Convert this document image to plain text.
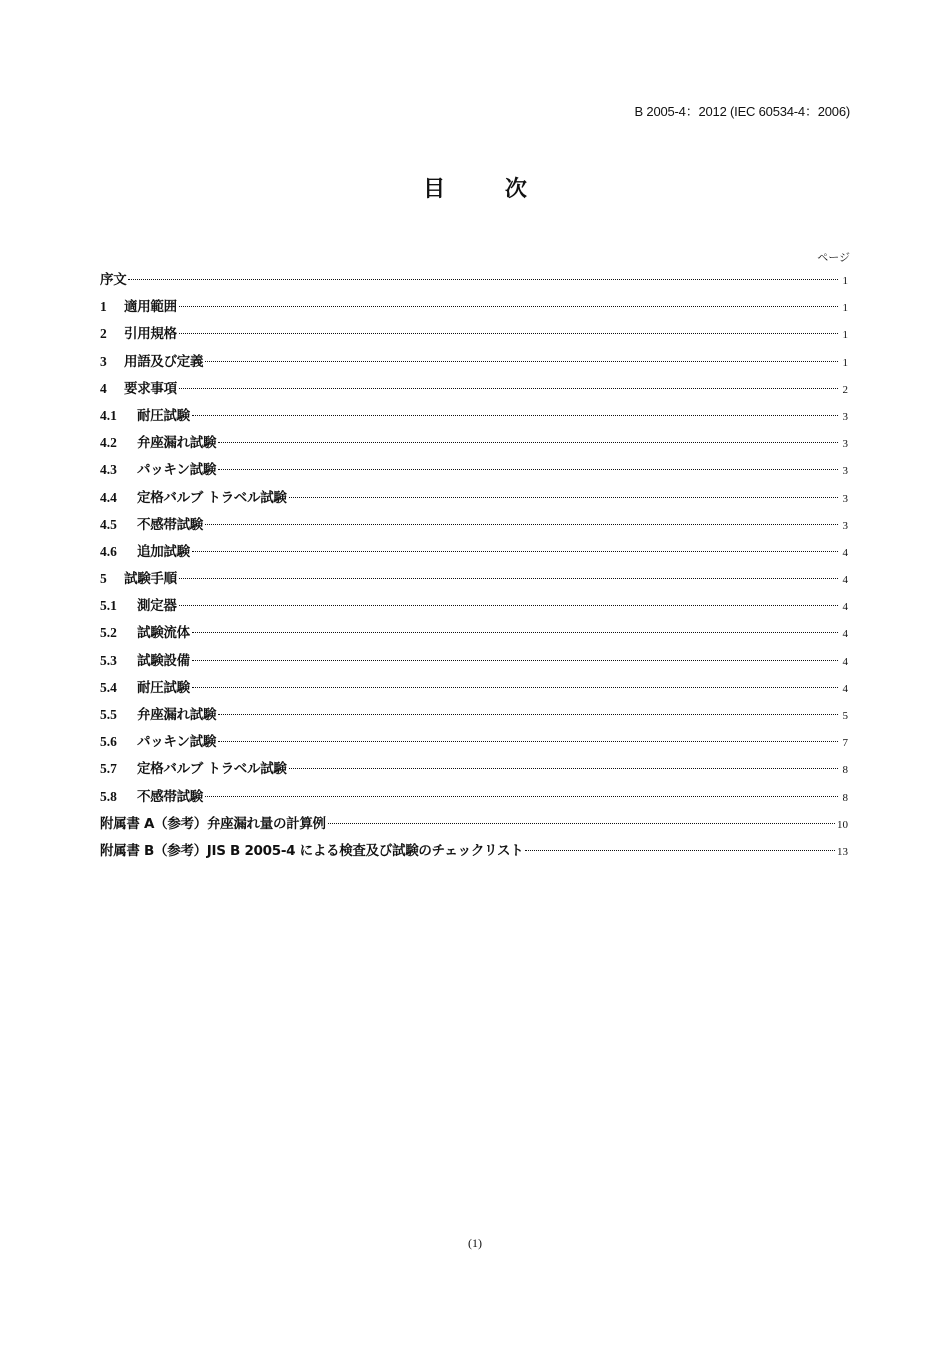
B 2005-4：2012 (IEC 60534-4：2006)
目 次
ページ
序文	1
1	適用範囲	1
2	引用規格	1
3	用語及び定義	1
4	要求事項	2
4.1	耐圧試験	3
4.2	弁座漏れ試験	3
4.3	パッキン試験	3
4.4	定格バルブ トラベル試験	3
4.5	不感帯試験	3
4.6	追加試験	4
5	試験手順	4
5.1	測定器	4
5.2	試験流体	4
5.3	試験設備	4
5.4	耐圧試験	4
5.5	弁座漏れ試験	5
5.6	パッキン試験	7
5.7	定格バルブ トラベル試験	8
5.8	不感帯試験	8
附属書 A（参考）弁座漏れ量の計算例	10
附属書 B（参考）JIS B 2005-4 による検査及び試験のチェックリスト	13
(1)
